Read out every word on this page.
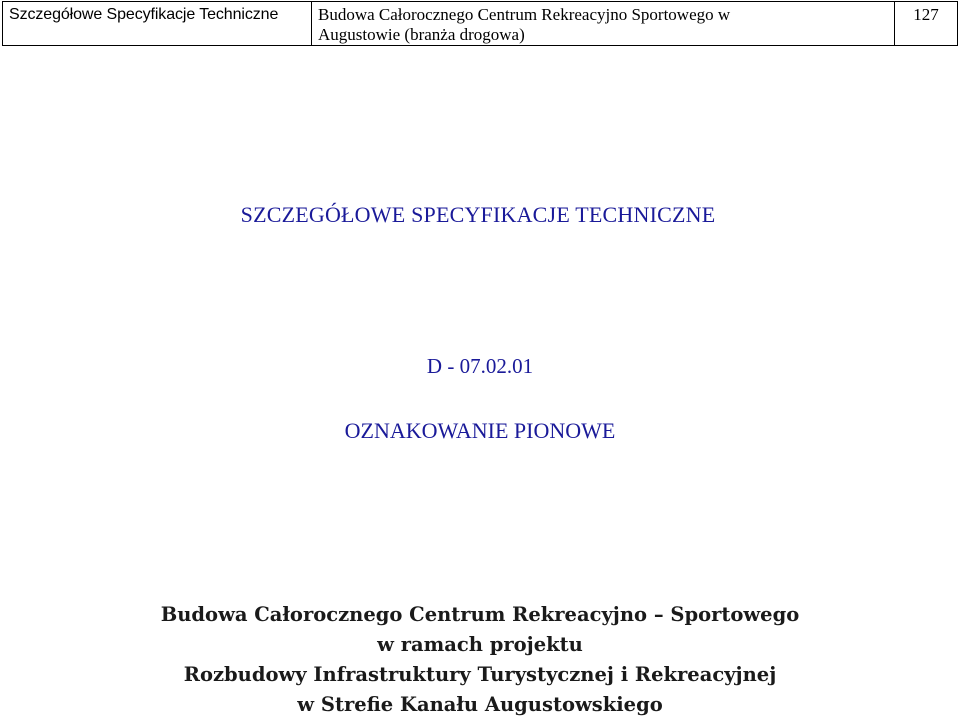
Szczegółowe Specyfikacje Techniczne	Budowa Całorocznego Centrum Rekreacyjno Sportowego w
Augustowie (branża drogowa)
	127
SZCZEGÓŁOWE SPECYFIKACJE TECHNICZNE
D - 07.02.01
OZNAKOWANIE PIONOWE
Budowa Całorocznego Centrum Rekreacyjno – Sportowego
w ramach projektu
Rozbudowy Infrastruktury Turystycznej i Rekreacyjnej
w Strefie Kanału Augustowskiego
